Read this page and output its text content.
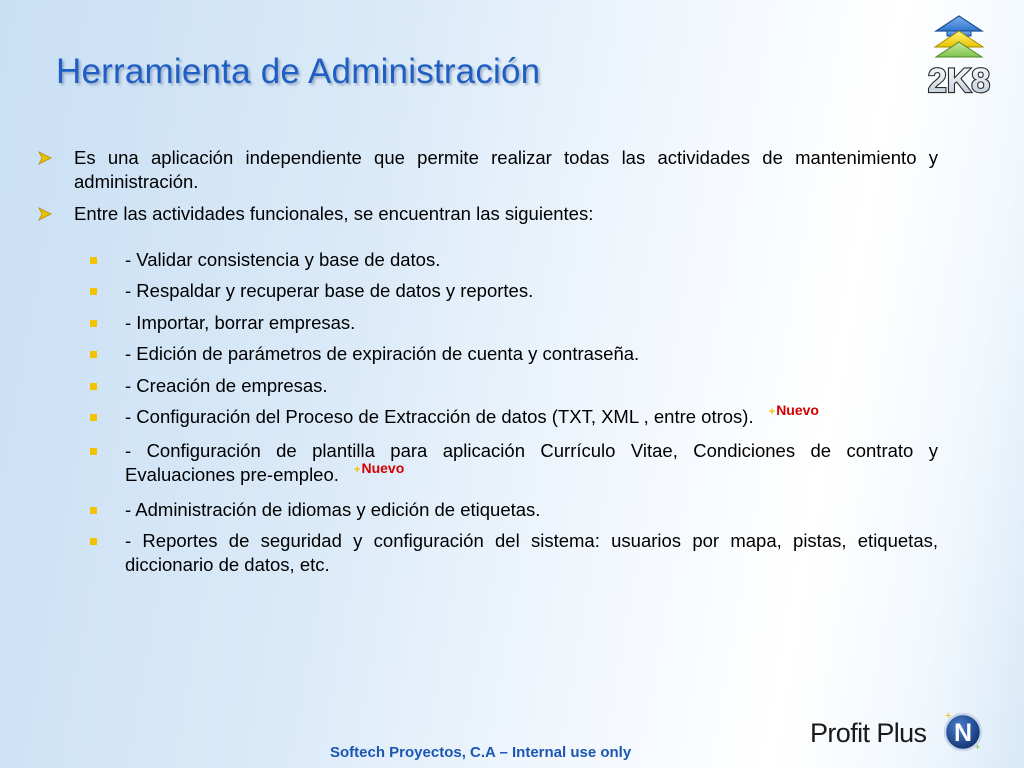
Herramienta de Administración	2K8
Es una aplicación independiente que permite realizar todas las actividades de mantenimiento y administración.
Entre las actividades funcionales, se encuentran las siguientes:
- Validar consistencia y base de datos.
- Respaldar y recuperar base de datos y reportes.
- Importar, borrar empresas.
- Edición de parámetros de expiración de cuenta y contraseña.
- Creación de empresas.
- Configuración del Proceso de Extracción de datos (TXT, XML , entre otros). $^{+Nuevo}$
- Configuración de plantilla para aplicación Currículo Vitae, Condiciones de contrato y Evaluaciones pre-empleo. $^{+Nuevo}$
- Administración de idiomas y edición de etiquetas.
- Reportes de seguridad y configuración del sistema: usuarios por mapa, pistas, etiquetas, diccionario de datos, etc.
Softech Proyectos, C.A – Internal use only
Profit Plus N
+
+
